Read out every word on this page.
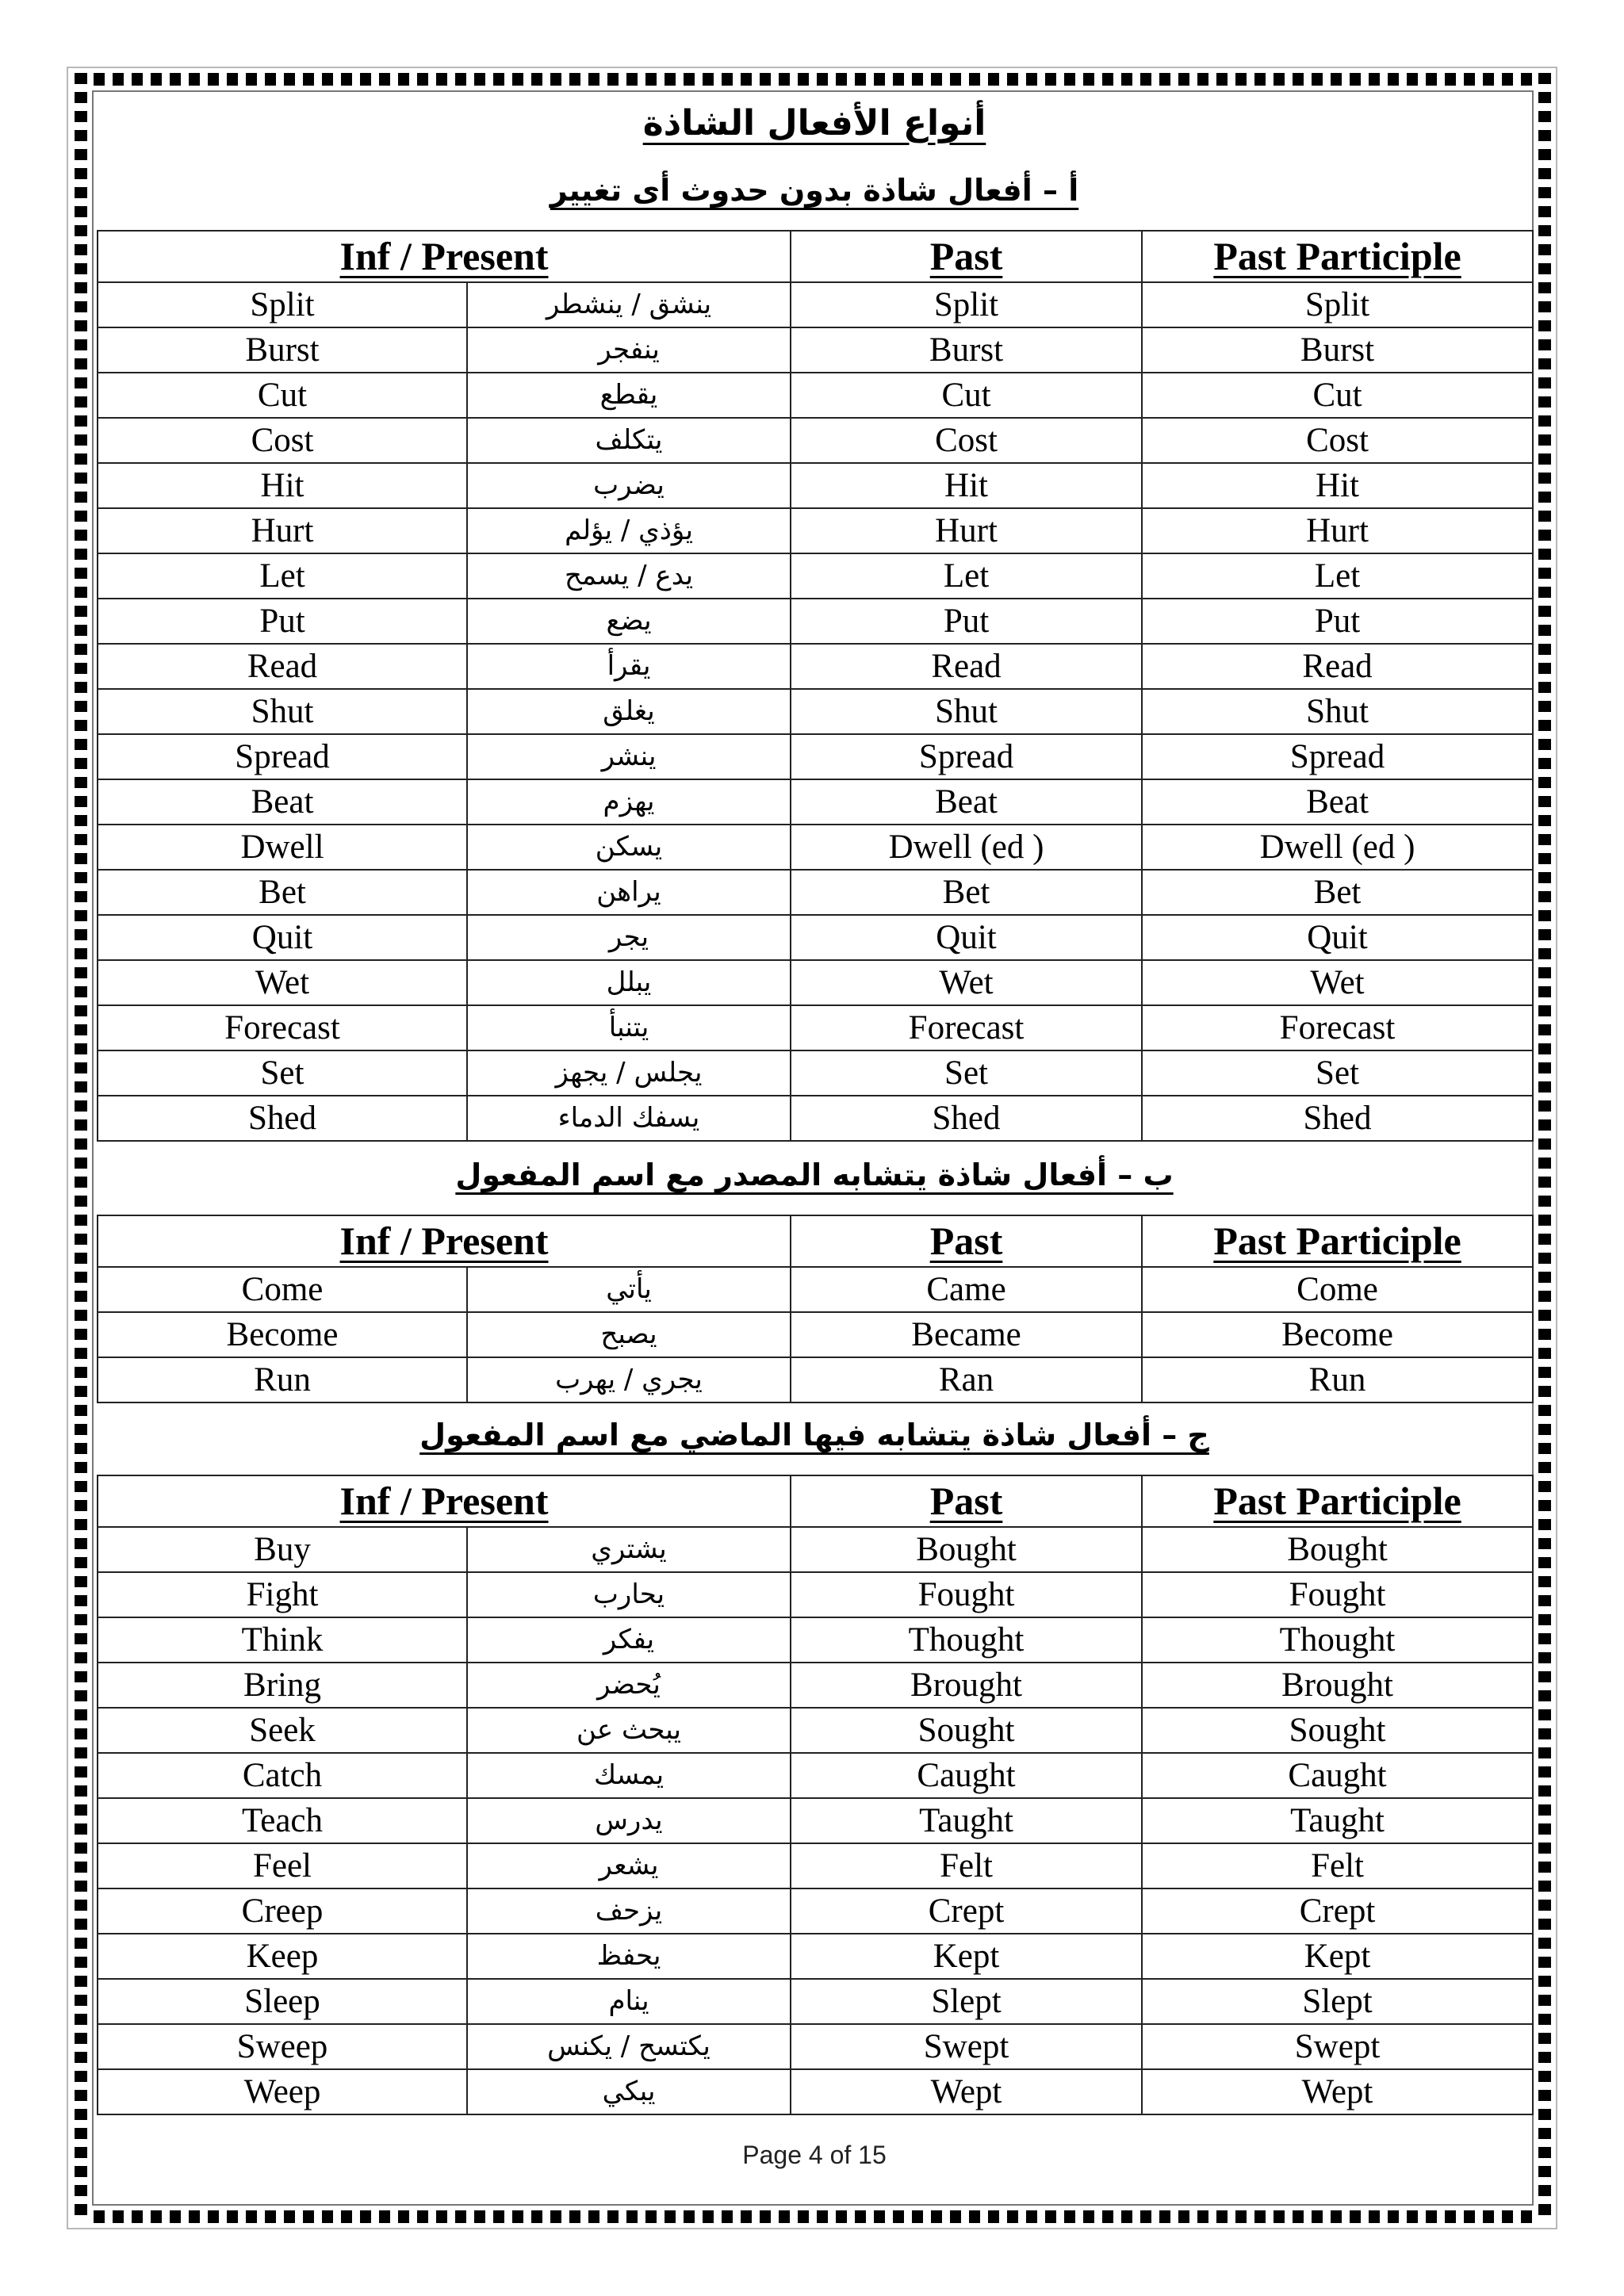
أنواع الأفعال الشاذة
أ – أفعال شاذة بدون حدوث أى تغيير
Inf / Present		Past	Past Participle
Split	ينشق / ينشطر	Split	Split
Burst	ينفجر	Burst	Burst
Cut	يقطع	Cut	Cut
Cost	يتكلف	Cost	Cost
Hit	يضرب	Hit	Hit
Hurt	يؤذي / يؤلم	Hurt	Hurt
Let	يدع / يسمح	Let	Let
Put	يضع	Put	Put
Read	يقرأ	Read	Read
Shut	يغلق	Shut	Shut
Spread	ينشر	Spread	Spread
Beat	يهزم	Beat	Beat
Dwell	يسكن	Dwell (ed )	Dwell (ed )
Bet	يراهن	Bet	Bet
Quit	يجر	Quit	Quit
Wet	يبلل	Wet	Wet
Forecast	يتنبأ	Forecast	Forecast
Set	يجلس / يجهز	Set	Set
Shed	يسفك الدماء	Shed	Shed
ب – أفعال شاذة يتشابه المصدر مع اسم المفعول
Inf / Present		Past	Past Participle
Come	يأتي	Came	Come
Become	يصبح	Became	Become
Run	يجري / يهرب	Ran	Run
ج – أفعال شاذة يتشابه فيها الماضي مع اسم المفعول
Inf / Present		Past	Past Participle
Buy	يشتري	Bought	Bought
Fight	يحارب	Fought	Fought
Think	يفكر	Thought	Thought
Bring	يُحضر	Brought	Brought
Seek	يبحث عن	Sought	Sought
Catch	يمسك	Caught	Caught
Teach	يدرس	Taught	Taught
Feel	يشعر	Felt	Felt
Creep	يزحف	Crept	Crept
Keep	يحفظ	Kept	Kept
Sleep	ينام	Slept	Slept
Sweep	يكتسح / يكنس	Swept	Swept
Weep	يبكي	Wept	Wept
Page 4 of 15
